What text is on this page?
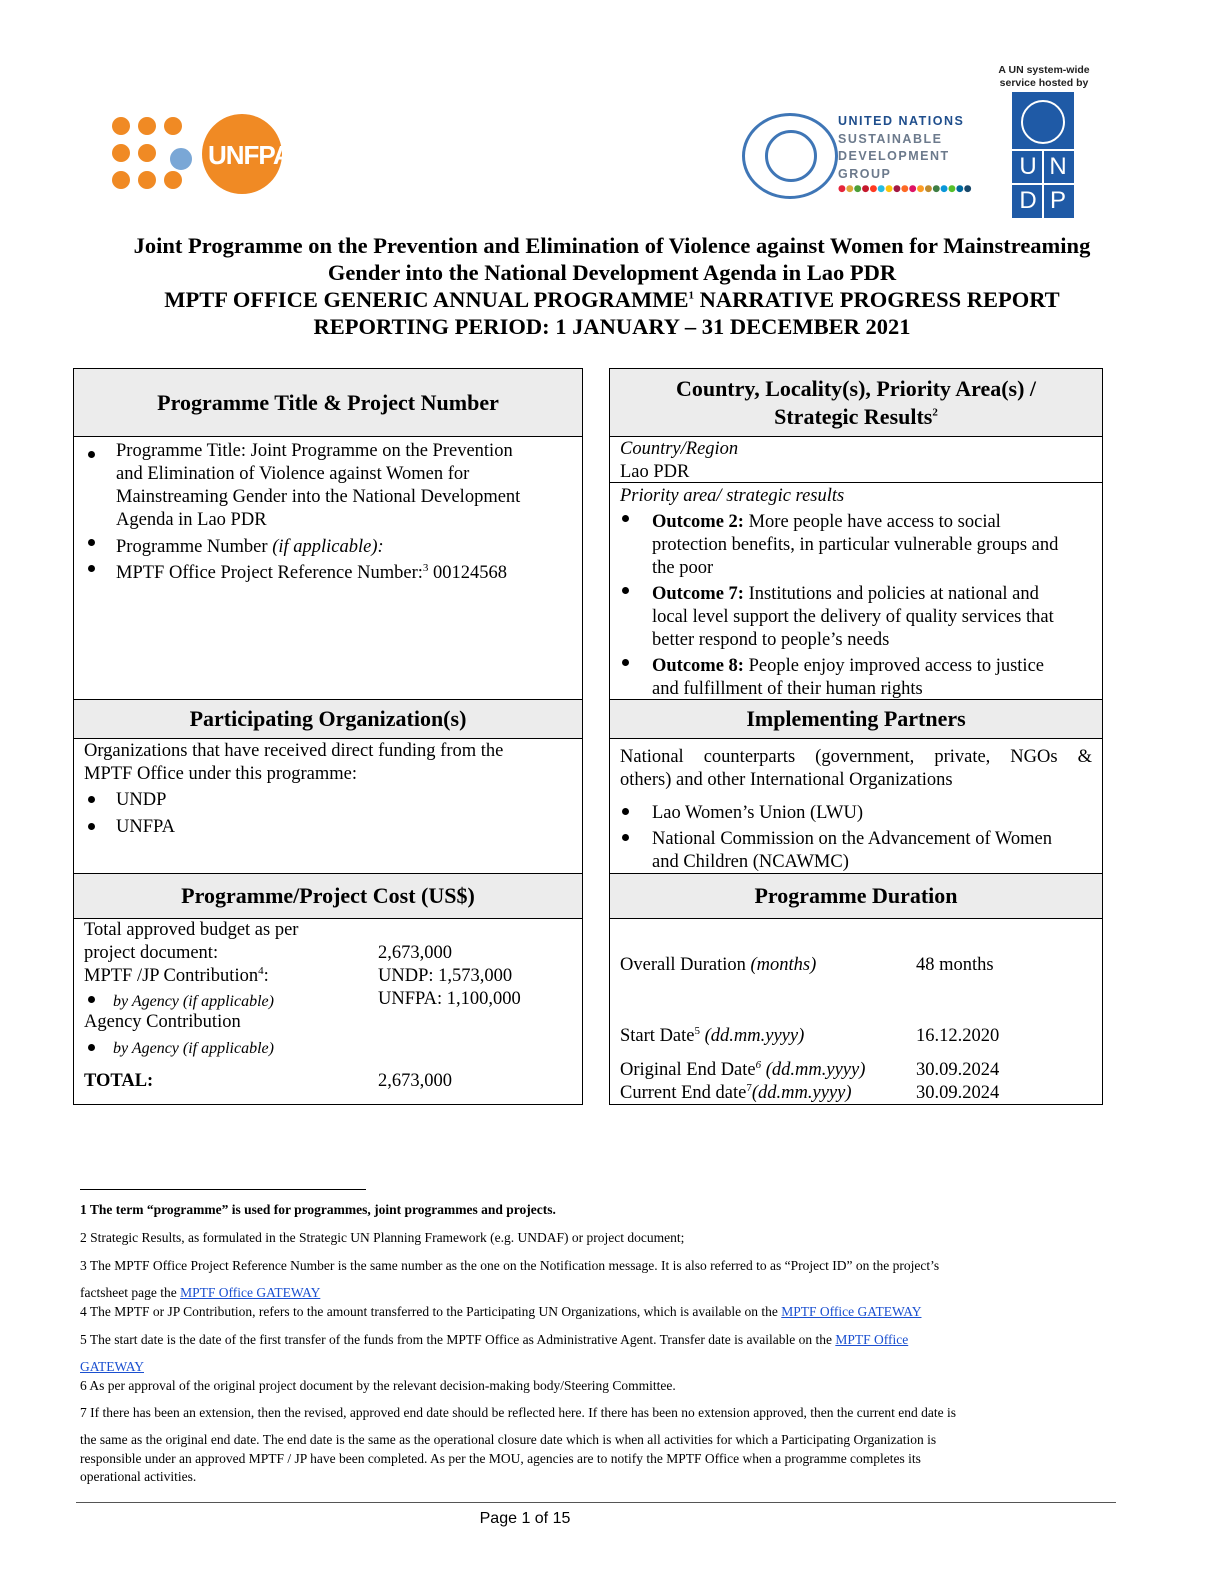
UNFPA
UNITED NATIONS
SUSTAINABLE
DEVELOPMENT
GROUP
●●●●●●●●●●●●●●●●●
A UN system-wide service hosted by
U N
D P
Joint Programme on the Prevention and Elimination of Violence against Women for Mainstreaming
Gender into the National Development Agenda in Lao PDR
MPTF OFFICE GENERIC ANNUAL PROGRAMME$^1$ NARRATIVE PROGRESS REPORT
REPORTING PERIOD: 1 JANUARY – 31 DECEMBER 2021
Programme Title & Project Number
Programme Title: Joint Programme on the Prevention
and Elimination of Violence against Women for
Mainstreaming Gender into the National Development
Agenda in Lao PDR
Programme Number (if applicable):
MPTF Office Project Reference Number:$^3$ 00124568
Country, Locality(s), Priority Area(s) /
Strategic Results$^2$
Country/Region
Lao PDR
Priority area/ strategic results
Outcome 2: More people have access to social
protection benefits, in particular vulnerable groups and
the poor
Outcome 7: Institutions and policies at national and
local level support the delivery of quality services that
better respond to people’s needs
Outcome 8: People enjoy improved access to justice
and fulfillment of their human rights
Participating Organization(s)
Organizations that have received direct funding from the
MPTF Office under this programme:
UNDP
UNFPA
Implementing Partners
National counterparts (government, private, NGOs &
others) and other International Organizations
Lao Women’s Union (LWU)
National Commission on the Advancement of Women
and Children (NCAWMC)
Programme/Project Cost (US$)
Total approved budget as per
project document:	2,673,000
MPTF /JP Contribution$^4$:	UNDP: 1,573,000
by Agency (if applicable)	UNFPA: 1,100,000
Agency Contribution
by Agency (if applicable)
TOTAL:	2,673,000
Programme Duration
Overall Duration (months)	48 months
Start Date$^5$ (dd.mm.yyyy)	16.12.2020
Original End Date$^6$ (dd.mm.yyyy)	30.09.2024
Current End date$^7$(dd.mm.yyyy)	30.09.2024
1 The term “programme” is used for programmes, joint programmes and projects.
2 Strategic Results, as formulated in the Strategic UN Planning Framework (e.g. UNDAF) or project document;
3 The MPTF Office Project Reference Number is the same number as the one on the Notification message. It is also referred to as “Project ID” on the project’s
factsheet page the MPTF Office GATEWAY
4 The MPTF or JP Contribution, refers to the amount transferred to the Participating UN Organizations, which is available on the MPTF Office GATEWAY
5 The start date is the date of the first transfer of the funds from the MPTF Office as Administrative Agent. Transfer date is available on the MPTF Office
GATEWAY
6 As per approval of the original project document by the relevant decision-making body/Steering Committee.
7 If there has been an extension, then the revised, approved end date should be reflected here. If there has been no extension approved, then the current end date is
the same as the original end date. The end date is the same as the operational closure date which is when all activities for which a Participating Organization is
responsible under an approved MPTF / JP have been completed. As per the MOU, agencies are to notify the MPTF Office when a programme completes its
operational activities.
Page 1 of 15
